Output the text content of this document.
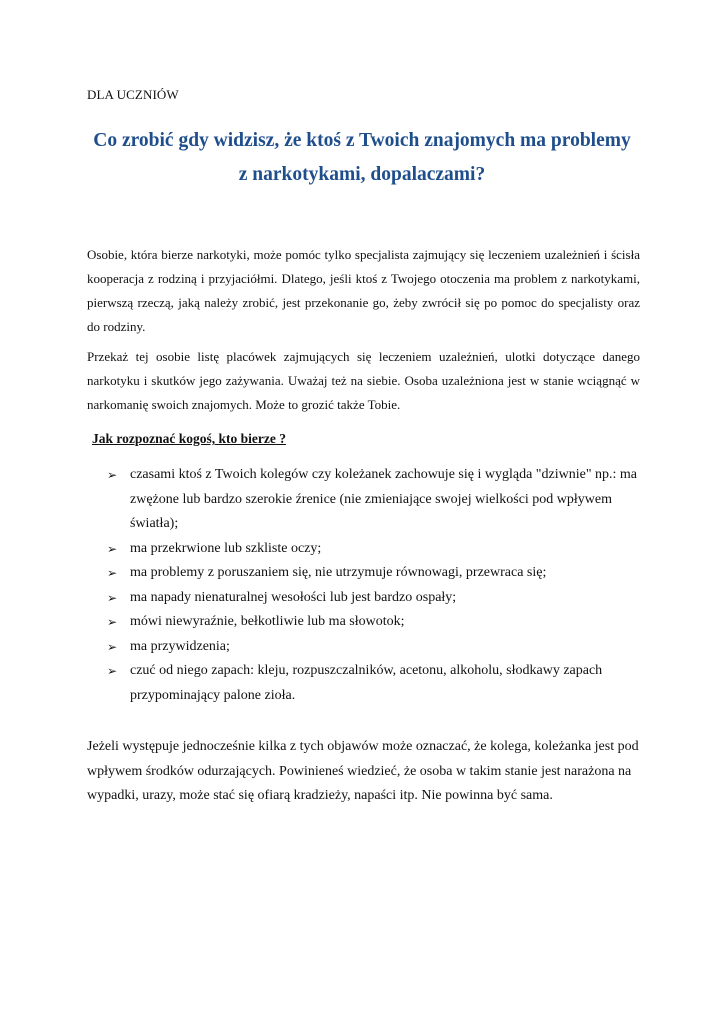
DLA UCZNIÓW
Co zrobić gdy widzisz, że ktoś z Twoich znajomych ma problemy
z narkotykami, dopalaczami?

Osobie, która bierze narkotyki, może pomóc tylko specjalista zajmujący się leczeniem uzależnień i ścisła kooperacja z rodziną i przyjaciółmi. Dlatego, jeśli ktoś z Twojego otoczenia ma problem z narkotykami, pierwszą rzeczą, jaką należy zrobić, jest przekonanie go, żeby zwrócił się po pomoc do specjalisty oraz do rodziny.

Przekaż tej osobie listę placówek zajmujących się leczeniem uzależnień, ulotki dotyczące danego narkotyku i skutków jego zażywania. Uważaj też na siebie. Osoba uzależniona jest w stanie wciągnąć w narkomanię swoich znajomych. Może to grozić także Tobie.

Jak rozpoznać kogoś, kto bierze ?
➢ czasami ktoś z Twoich kolegów czy koleżanek zachowuje się i wygląda "dziwnie" np.: ma zwężone lub bardzo szerokie źrenice (nie zmieniające swojej wielkości pod wpływem światła);
➢ ma przekrwione lub szkliste oczy;
➢ ma problemy z poruszaniem się, nie utrzymuje równowagi, przewraca się;
➢ ma napady nienaturalnej wesołości lub jest bardzo ospały;
➢ mówi niewyraźnie, bełkotliwie lub ma słowotok;
➢ ma przywidzenia;
➢ czuć od niego zapach: kleju, rozpuszczalników, acetonu, alkoholu, słodkawy zapach przypominający palone zioła.

Jeżeli występuje jednocześnie kilka z tych objawów może oznaczać, że kolega, koleżanka jest pod wpływem środków odurzających. Powinieneś wiedzieć, że osoba w takim stanie jest narażona na wypadki, urazy, może stać się ofiarą kradzieży, napaści itp. Nie powinna być sama.
